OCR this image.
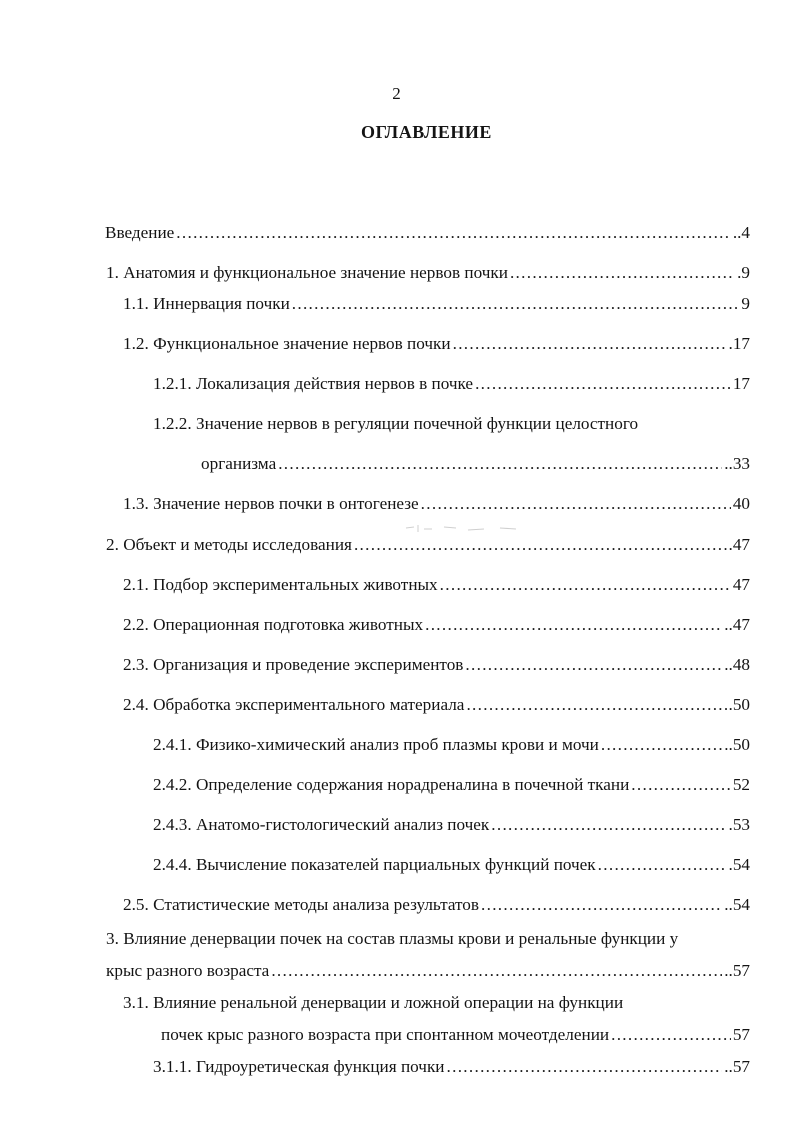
2
ОГЛАВЛЕНИЕ
Введение .....	..4
1. Анатомия и функциональное значение нервов почки .....	.9
1.1. Иннервация почки .....	9
1.2. Функциональное значение нервов почки .....	.17
1.2.1. Локализация действия нервов в почке .....	17
1.2.2. Значение нервов в регуляции почечной функции целостного
организма .....	..33
1.3. Значение нервов почки в онтогенезе .....	40
2. Объект и методы исследования .....	.47
2.1. Подбор экспериментальных животных .....	47
2.2. Операционная подготовка животных .....	..47
2.3. Организация и проведение экспериментов .....	..48
2.4. Обработка экспериментального материала .....	.50
2.4.1. Физико-химический анализ проб плазмы крови и мочи .....	..50
2.4.2. Определение содержания норадреналина в почечной ткани .....	52
2.4.3. Анатомо-гистологический анализ почек .....	.53
2.4.4. Вычисление показателей парциальных функций почек .....	.54
2.5. Статистические методы анализа результатов .....	..54
3. Влияние денервации почек на состав плазмы крови и ренальные функции у
крыс разного возраста .....	..57
3.1. Влияние ренальной денервации и ложной операции на функции
почек крыс разного возраста при спонтанном мочеотделении .....	57
3.1.1. Гидроуретическая функция почки .....	..57
